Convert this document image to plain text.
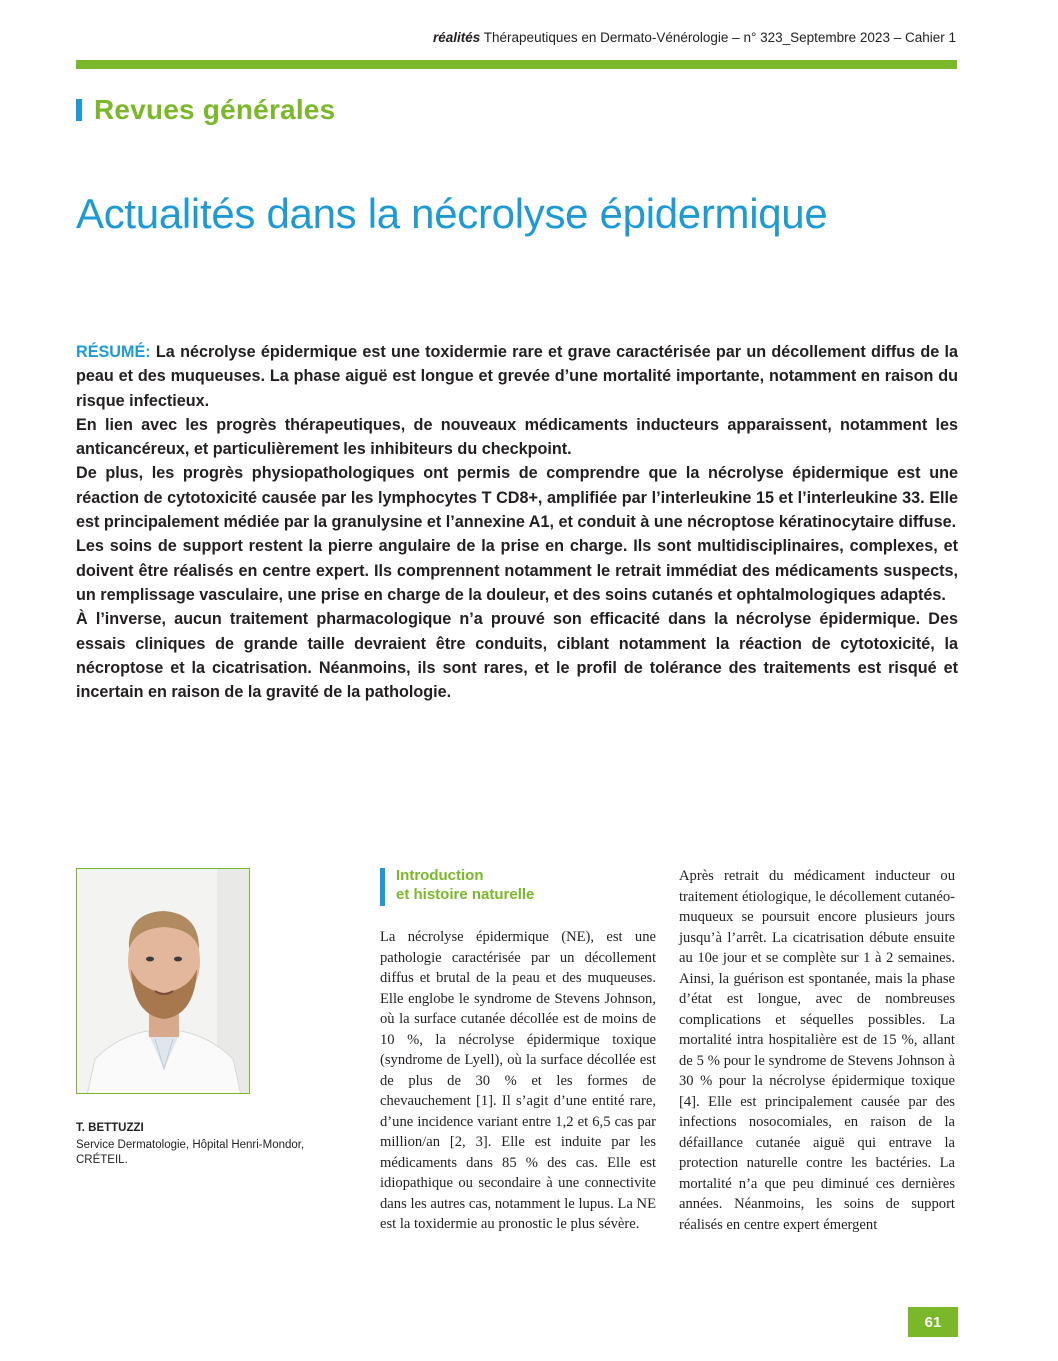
réalités Thérapeutiques en Dermato-Vénérologie – n° 323_Septembre 2023 – Cahier 1
Revues générales
Actualités dans la nécrolyse épidermique

RÉSUMÉ: La nécrolyse épidermique est une toxidermie rare et grave caractérisée par un décollement diffus de la peau et des muqueuses. La phase aiguë est longue et grevée d’une mortalité importante, notamment en raison du risque infectieux.

En lien avec les progrès thérapeutiques, de nouveaux médicaments inducteurs apparaissent, notamment les anticancéreux, et particulièrement les inhibiteurs du checkpoint.

De plus, les progrès physiopathologiques ont permis de comprendre que la nécrolyse épidermique est une réaction de cytotoxicité causée par les lymphocytes T CD8+, amplifiée par l’interleukine 15 et l’interleukine 33. Elle est principalement médiée par la granulysine et l’annexine A1, et conduit à une nécroptose kératinocytaire diffuse.

Les soins de support restent la pierre angulaire de la prise en charge. Ils sont multidisciplinaires, complexes, et doivent être réalisés en centre expert. Ils comprennent notamment le retrait immédiat des médicaments suspects, un remplissage vasculaire, une prise en charge de la douleur, et des soins cutanés et ophtalmologiques adaptés.

À l’inverse, aucun traitement pharmacologique n’a prouvé son efficacité dans la nécrolyse épidermique. Des essais cliniques de grande taille devraient être conduits, ciblant notamment la réaction de cytotoxicité, la nécroptose et la cicatrisation. Néanmoins, ils sont rares, et le profil de tolérance des traitements est risqué et incertain en raison de la gravité de la pathologie.

T. BETTUZZI
Service Dermatologie, Hôpital Henri-Mondor, CRÉTEIL.
Introduction
et histoire naturelle

La nécrolyse épidermique (NE), est une pathologie caractérisée par un décollement diffus et brutal de la peau et des muqueuses. Elle englobe le syndrome de Stevens Johnson, où la surface cutanée décollée est de moins de 10 %, la nécrolyse épidermique toxique (syndrome de Lyell), où la surface décollée est de plus de 30 % et les formes de chevauchement [1]. Il s’agit d’une entité rare, d’une incidence variant entre 1,2 et 6,5 cas par million/an [2, 3]. Elle est induite par les médicaments dans 85 % des cas. Elle est idiopathique ou secondaire à une connectivite dans les autres cas, notamment le lupus. La NE est la toxidermie au pronostic le plus sévère.

Après retrait du médicament inducteur ou traitement étiologique, le décollement cutanéo-muqueux se poursuit encore plusieurs jours jusqu’à l’arrêt. La cicatrisation débute ensuite au 10e jour et se complète sur 1 à 2 semaines. Ainsi, la guérison est spontanée, mais la phase d’état est longue, avec de nombreuses complications et séquelles possibles. La mortalité intra hospitalière est de 15 %, allant de 5 % pour le syndrome de Stevens Johnson à 30 % pour la nécrolyse épidermique toxique [4]. Elle est principalement causée par des infections nosocomiales, en raison de la défaillance cutanée aiguë qui entrave la protection naturelle contre les bactéries. La mortalité n’a que peu diminué ces dernières années. Néanmoins, les soins de support réalisés en centre expert émergent

61
